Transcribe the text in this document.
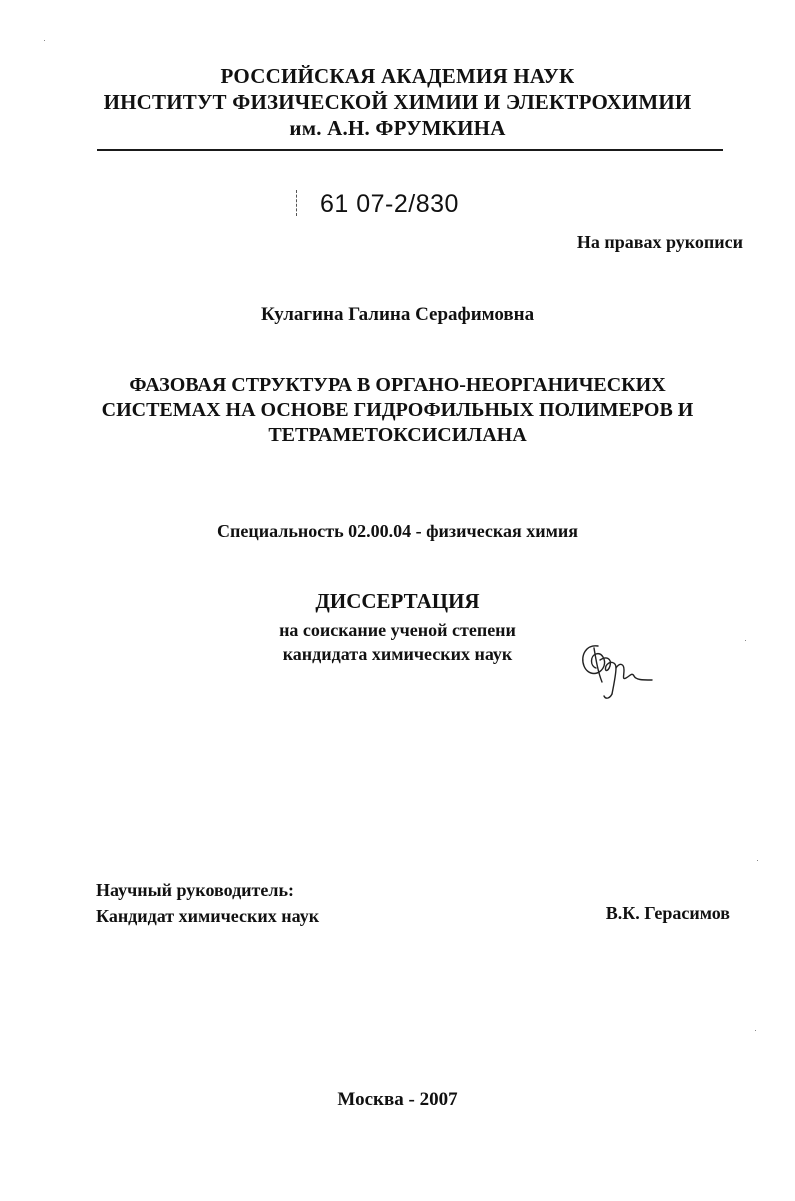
РОССИЙСКАЯ АКАДЕМИЯ НАУК
ИНСТИТУТ ФИЗИЧЕСКОЙ ХИМИИ И ЭЛЕКТРОХИМИИ
им. А.Н. ФРУМКИНА
61 07-2/830
На правах рукописи
Кулагина Галина Серафимовна
ФАЗОВАЯ СТРУКТУРА В ОРГАНО-НЕОРГАНИЧЕСКИХ
СИСТЕМАХ НА ОСНОВЕ ГИДРОФИЛЬНЫХ ПОЛИМЕРОВ И
ТЕТРАМЕТОКСИСИЛАНА
Специальность 02.00.04 - физическая химия
ДИССЕРТАЦИЯ
на соискание ученой степени
кандидата химических наук
Научный руководитель:
Кандидат химических наук	В.К. Герасимов
Москва - 2007
